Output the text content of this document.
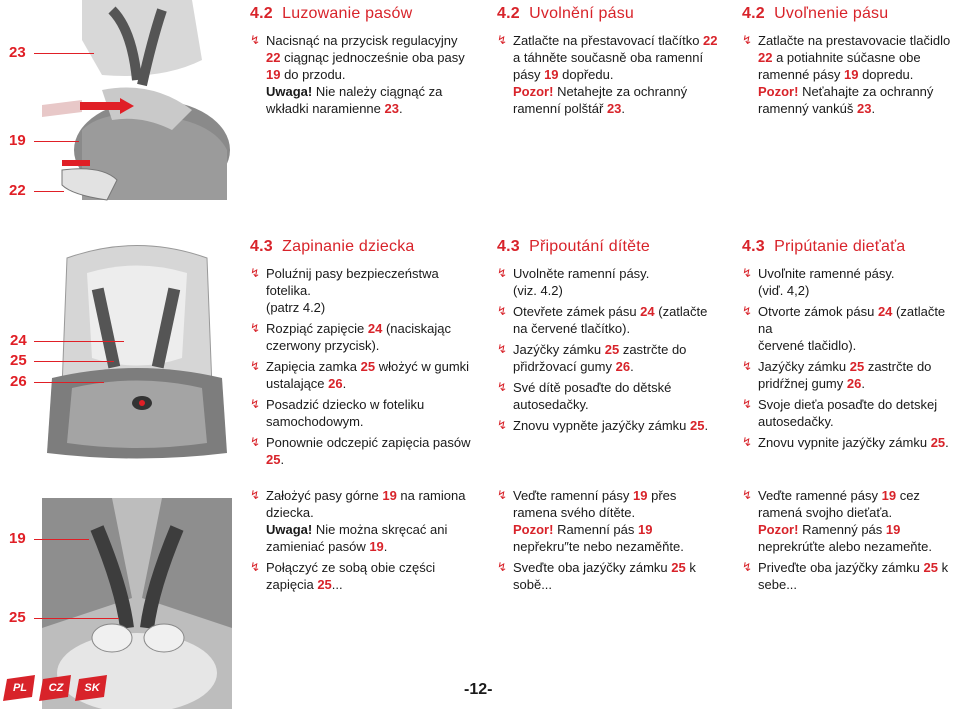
23
19
22
24
25
26
19
25
4.2 Luzowanie pasów
↯ Nacisnąć na przycisk regulacyjny
22 ciągnąc jednocześnie oba pasy
19 do przodu.
Uwaga! Nie należy ciągnąć za
wkładki naramienne 23.
4.2 Uvolnění pásu
↯ Zatlačte na přestavovací tlačítko 22
a táhněte současně oba ramenní
pásy 19 dopředu.
Pozor! Netahejte za ochranný
ramenní polštář 23.
4.2 Uvoľnenie pásu
↯ Zatlačte na prestavovacie tlačidlo
22 a potiahnite súčasne obe
ramenné pásy 19 dopredu.
Pozor! Neťahajte za ochranný
ramenný vankúš 23.
4.3 Zapinanie dziecka
↯ Poluźnij pasy bezpieczeństwa
fotelika.
(patrz 4.2)
↯ Rozpiąć zapięcie 24 (naciskając
czerwony przycisk).
↯ Zapięcia zamka 25 włożyć w gumki
ustalające 26.
↯ Posadzić dziecko w foteliku
samochodowym.
↯ Ponownie odczepić zapięcia pasów
25.
4.3 Připoutání dítěte
↯ Uvolněte ramenní pásy.
(viz. 4.2)
↯ Otevřete zámek pásu 24 (zatlačte
na červené tlačítko).
↯ Jazýčky zámku 25 zastrčte do
přidržovací gumy 26.
↯ Své dítě posaďte do dětské
autosedačky.
↯ Znovu vypněte jazýčky zámku 25.
4.3 Pripútanie dieťaťa
↯ Uvoľnite ramenné pásy.
(viď. 4,2)
↯ Otvorte zámok pásu 24 (zatlačte na
červené tlačidlo).
↯ Jazýčky zámku 25 zastrčte do
pridŕžnej gumy 26.
↯ Svoje dieťa posaďte do detskej
autosedačky.
↯ Znovu vypnite jazýčky zámku 25.
↯ Założyć pasy górne 19 na ramiona
dziecka.
Uwaga! Nie można skręcać ani
zamieniać pasów 19.
↯ Połączyć ze sobą obie części
zapięcia 25...
↯ Veďte ramenní pásy 19 přes
ramena svého dítěte.
Pozor! Ramenní pás 19
nepřekru″te nebo nezaměňte.
↯ Sveďte oba jazýčky zámku 25 k
sobě...
↯ Veďte ramenné pásy 19 cez
ramená svojho dieťaťa.
Pozor! Ramenný pás 19
neprekrúťte alebo nezameňte.
↯ Priveďte oba jazýčky zámku 25 k
sebe...
PL	CZ	SK	-12-
